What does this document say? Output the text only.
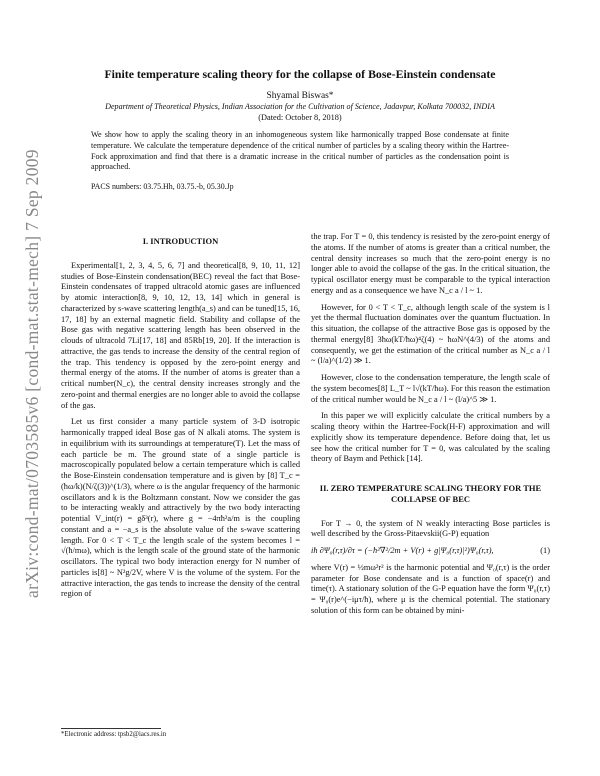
arXiv:cond-mat/0703585v6 [cond-mat.stat-mech] 7 Sep 2009
Finite temperature scaling theory for the collapse of Bose-Einstein condensate
Shyamal Biswas*
Department of Theoretical Physics, Indian Association for the Cultivation of Science, Jadavpur, Kolkata 700032, INDIA
(Dated: October 8, 2018)
We show how to apply the scaling theory in an inhomogeneous system like harmonically trapped Bose condensate at finite temperature. We calculate the temperature dependence of the critical number of particles by a scaling theory within the Hartree-Fock approximation and find that there is a dramatic increase in the critical number of particles as the condensation point is approached.
PACS numbers: 03.75.Hh, 03.75.-b, 05.30.Jp
I. INTRODUCTION

Experimental[1, 2, 3, 4, 5, 6, 7] and theoretical[8, 9, 10, 11, 12] studies of Bose-Einstein condensation(BEC) reveal the fact that Bose-Einstein condensates of trapped ultracold atomic gases are influenced by atomic interaction[8, 9, 10, 12, 13, 14] which in general is characterized by s-wave scattering length(a_s) and can be tuned[15, 16, 17, 18] by an external magnetic field. Stability and collapse of the Bose gas with negative scattering length has been observed in the clouds of ultracold 7Li[17, 18] and 85Rb[19, 20]. If the interaction is attractive, the gas tends to increase the density of the central region of the trap. This tendency is opposed by the zero-point energy and thermal energy of the atoms. If the number of atoms is greater than a critical number(N_c), the central density increases strongly and the zero-point and thermal energies are no longer able to avoid the collapse of the gas.

Let us first consider a many particle system of 3-D isotropic harmonically trapped ideal Bose gas of N alkali atoms. The system is in equilibrium with its surroundings at temperature(T). Let the mass of each particle be m. The ground state of a single particle is macroscopically populated below a certain temperature which is called the Bose-Einstein condensation temperature and is given by [8] T_c = (ħω/k)(N/ζ(3))^(1/3), where ω is the angular frequency of the harmonic oscillators and k is the Boltzmann constant. Now we consider the gas to be interacting weakly and attractively by the two body interacting potential V_int(r) = gδ³(r), where g = −4πħ²a/m is the coupling constant and a = −a_s is the absolute value of the s-wave scattering length. For 0 < T < T_c the length scale of the system becomes l = √(ħ/mω), which is the length scale of the ground state of the harmonic oscillators. The typical two body interaction energy for N number of particles is[8] ~ N²g/2V, where V is the volume of the system. For the attractive interaction, the gas tends to increase the density of the central region of

the trap. For T = 0, this tendency is resisted by the zero-point energy of the atoms. If the number of atoms is greater than a critical number, the central density increases so much that the zero-point energy is no longer able to avoid the collapse of the gas. In the critical situation, the typical oscillator energy must be comparable to the typical interaction energy and as a consequence we have N_c a / l ~ 1.

However, for 0 < T < T_c, although length scale of the system is l yet the thermal fluctuation dominates over the quantum fluctuation. In this situation, the collapse of the attractive Bose gas is opposed by the thermal energy[8] 3ħω(kT/ħω)⁴ζ(4) ~ ħωN^(4/3) of the atoms and consequently, we get the estimation of the critical number as N_c a / l ~ (l/a)^(1/2) ≫ 1.

However, close to the condensation temperature, the length scale of the system becomes[8] L_T ~ l√(kT/ħω). For this reason the estimation of the critical number would be N_c a / l ~ (l/a)^5 ≫ 1.

In this paper we will explicitly calculate the critical numbers by a scaling theory within the Hartree-Fock(H-F) approximation and will explicitly show its temperature dependence. Before doing that, let us see how the critical number for T = 0, was calculated by the scaling theory of Baym and Pethick [14].

II. ZERO TEMPERATURE SCALING THEORY FOR THE COLLAPSE OF BEC

For T → 0, the system of N weakly interacting Bose particles is well described by the Gross-Pitaevskii(G-P) equation

iħ ∂Ψ₀(r,τ)/∂τ = (−ħ²∇²/2m + V(r) + g|Ψ₀(r,τ)|²)Ψ₀(r,τ),	(1)

where V(r) = ½mω²r² is the harmonic potential and Ψ₀(r,τ) is the order parameter for Bose condensate and is a function of space(r) and time(τ). A stationary solution of the G-P equation have the form Ψ₀(r,τ) = Ψ₀(r)e^(−iμτ/ħ), where μ is the chemical potential. The stationary solution of this form can be obtained by mini-

*Electronic address: tpsb2@iacs.res.in
